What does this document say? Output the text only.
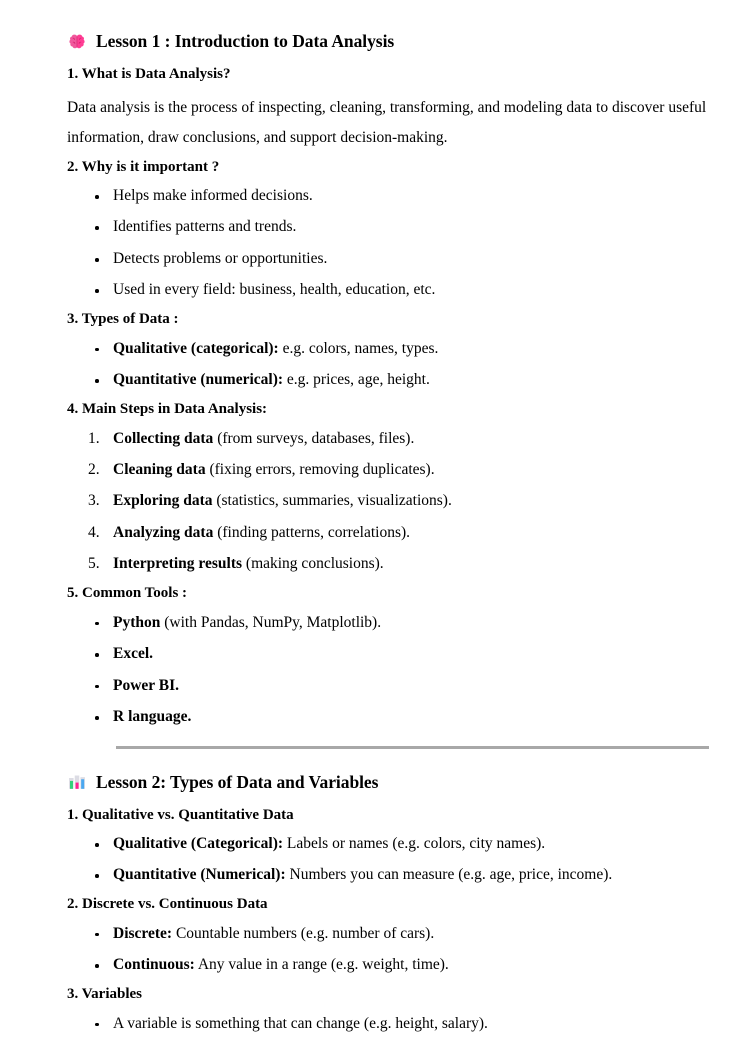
Lesson 1 : Introduction to Data Analysis
1. What is Data Analysis?

Data analysis is the process of inspecting, cleaning, transforming, and modeling data to discover useful information, draw conclusions, and support decision-making.

2. Why is it important ?
Helps make informed decisions.
Identifies patterns and trends.
Detects problems or opportunities.
Used in every field: business, health, education, etc.
3. Types of Data :
Qualitative (categorical): e.g. colors, names, types.
Quantitative (numerical): e.g. prices, age, height.
4. Main Steps in Data Analysis:
Collecting data (from surveys, databases, files).
Cleaning data (fixing errors, removing duplicates).
Exploring data (statistics, summaries, visualizations).
Analyzing data (finding patterns, correlations).
Interpreting results (making conclusions).
5. Common Tools :
Python (with Pandas, NumPy, Matplotlib).
Excel.
Power BI.
R language.
Lesson 2: Types of Data and Variables
1. Qualitative vs. Quantitative Data
Qualitative (Categorical): Labels or names (e.g. colors, city names).
Quantitative (Numerical): Numbers you can measure (e.g. age, price, income).
2. Discrete vs. Continuous Data
Discrete: Countable numbers (e.g. number of cars).
Continuous: Any value in a range (e.g. weight, time).
3. Variables
A variable is something that can change (e.g. height, salary).
